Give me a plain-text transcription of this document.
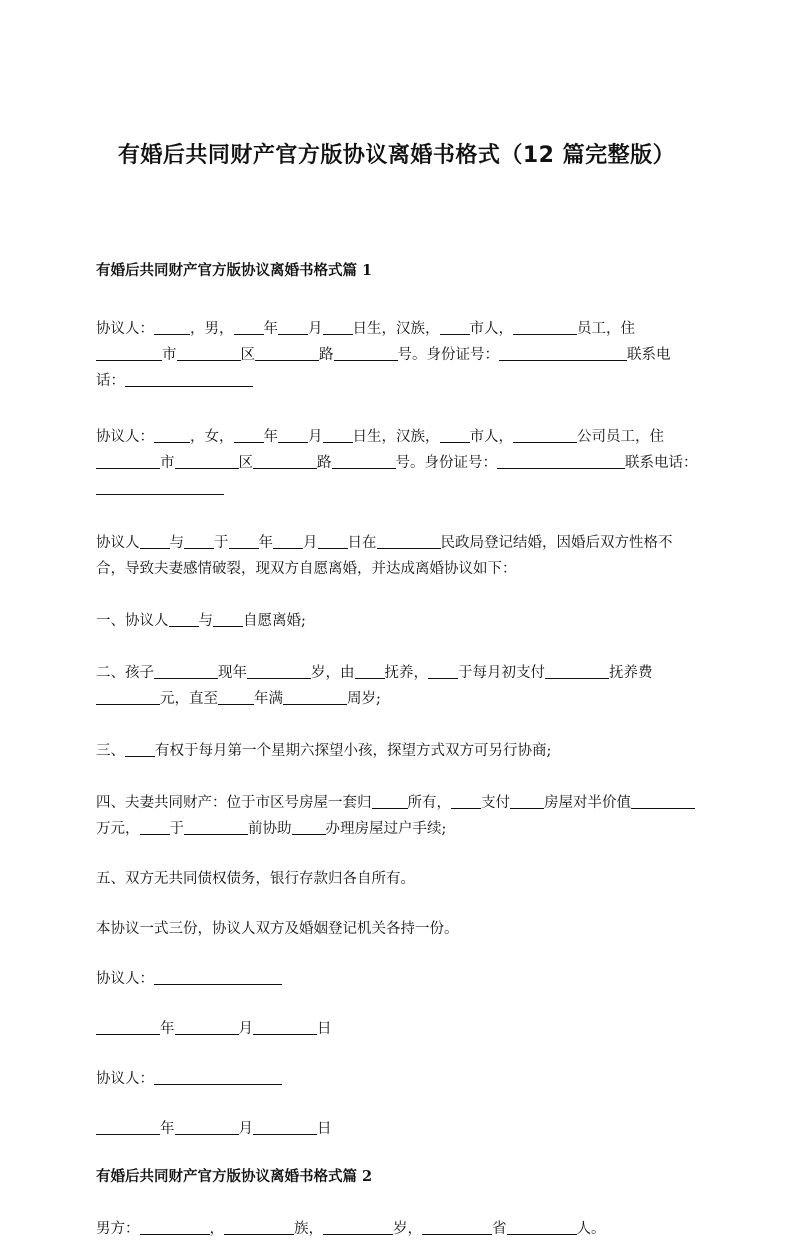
有婚后共同财产官方版协议离婚书格式（12 篇完整版）

有婚后共同财产官方版协议离婚书格式篇 1

协议人： ，男， 年 月 日生，汉族， 市人，	员工，住市	区	路	号。身份证号：	联系电话：

协议人： ，女， 年 月 日生，汉族， 市人，	公司员工，住市	区	路	号。身份证号：	联系电话：

协议人 与 于 年 月 日在	民政局登记结婚，因婚后双方性格不合，导致夫妻感情破裂，现双方自愿离婚，并达成离婚协议如下：

一、协议人 与 自愿离婚;

二、孩子	现年	岁，由 抚养， 于每月初支付	抚养费元，直至 年满	周岁;

三、 有权于每月第一个星期六探望小孩，探望方式双方可另行协商;

四、夫妻共同财产：位于市区号房屋一套归 所有， 支付 房屋对半价值万元， 于	前协助 办理房屋过户手续;

五、双方无共同债权债务，银行存款归各自所有。

本协议一式三份，协议人双方及婚姻登记机关各持一份。

协议人：

年	月	日

协议人：

年	月	日

有婚后共同财产官方版协议离婚书格式篇 2

男方：	，	族，	岁，	省	人。
